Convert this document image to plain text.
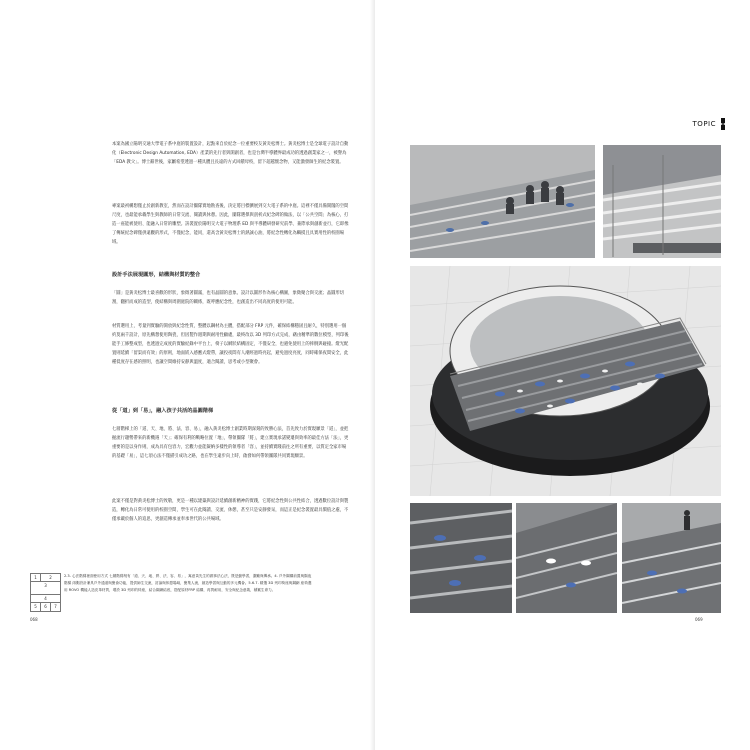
本案為國立陽明交通大學電子系中庭的裝置設計，起點來自於紀念一位重要校友黃炎松博士。黃炎松博士是全球電子設計自動化（Electronic Design Automation, EDA）產業的先行者與開創者，也是台灣半導體界最成功的透過創業家之一，被譽為「EDA 教父」。博士辭世後，家屬希望透過一種具體且長遠的方式回饋母校，留下超越懷念物，又能激發師生的紀念裝置。

專案最初構想僅止於創新教室，然而在設計團隊實地勘查後，決定將目標擴展到交大電子系的中庭。這裡不僅具備開闊的空間尺度，也最能承載學生與教師的日常交流、閱讀與休憩。因此，團隊選擇與剖析式紀念碑的做法，以「公共空間」為核心，打造一座能被使用、能融入日常的雕塑。該裝置於陽明交大電子物理系 ED 與半導體研發研究前學、兼際承與創新並行，它即像了傳統紀念碑僅供遠觀的形式，不僅紀念，能同，還高含黃炎松博士的熱誠心油，將紀念性轉化為觸摸且具實用性的校園場域。

設計手法展現圓形，結構與材質的整合

「圓」是黃炎松博士最喜歡的形狀，象徵著圓滿，也有晶圓的意象。設計以圓形作為核心構圖，象徵聚合與交流；晶圓形切割，翻折而成的造型，使結構與周圍庭院的關係，既呼應紀念性，也創造出不同高度的使用可能。

材質選用上，考量到實驗的開放與紀念性質，整體以鋼材為主體，搭配部分 FRP 元件，確保結構穩固且耐久，特別選用一個約莫兩千設計，原先構想使用陶瓷，但因製作週期與耐用性顧慮，最終改以 3D 列印方式完成，藉由精準的數位模型，列印後能手工修整成型，也透過完成度的實驗紀錄中平台上，椅子以網狀結構固定，不僅安全，也避免使用上的摔倒與碰撞。燈光配置則延續「留渠而有效」的原則，地面嵌入感應式燈帶，讓投夜間有人潮經過時亮起，避免過度亮度，同時確保夜間安全，此種低度存在感的照明，也讓空間維持安靜與溫度，適合閱讀，思考或小型聚會。

從「道」到「易」，融入孩子共活的晶圓階梯

七層階梯上的「道、天、地、將、法、容、易」，融入黃炎松博士創業時期深刻的致勝心法，首先致力於實現願景「道」，並把握流行趨勢帶來的新機遇「天」；確保有利的戰略位置「地」，帶領團隊「將」，建立實現承諾變遷與效率的最佳方法「法」，更重要的是以身作則，成為具有包容力，宏觀力並能凝納多樣性的領導者「容」，並持續實踐前往之所有重要，以質定全家市場的基礎「易」，這七項心法不僅描引成功之路，也在學生遠步向上時，啟發如何帶領團隊共同實現願景。

此案不僅是對黃炎松博士的致敬，更是一種以建築與設計延續創新精神的實踐，它將紀念性與公共性結合，透過數位設計與製造，轉化為日常可使用的校園空間，學生可在此閱讀、交流、休憩，甚至只是安靜發呆，而這正是紀念裝置最具價值之處，不僅承載於個人的追思，更創造傳承並奉承世代的公共場域。

1	2
3
4
5	6	7
2.3. 心法階梯裡面使用方式 七層階梯刻有「道、天、地、將、法、容、易」，寓意黃先生的做事法心法，既是動學習，激勵與傳承。4. 戶外鋼構前置與隔夜階梯 兩側設計兼具戶外通道與聚會功能，提供師生交流，討論與休憩場域，聚集人流，創造學習與互動的多元機會。5.6.7. 精選 3D 列印椅座與鋼網 座椅選用 ROVO 機能人造皮革材質，增設 3D 列印的椅座，結合鋼網結底，搭配原材FRP 結構，再質耐用，安全與紀念意義，積累生命力。
068
TOPIC
069
